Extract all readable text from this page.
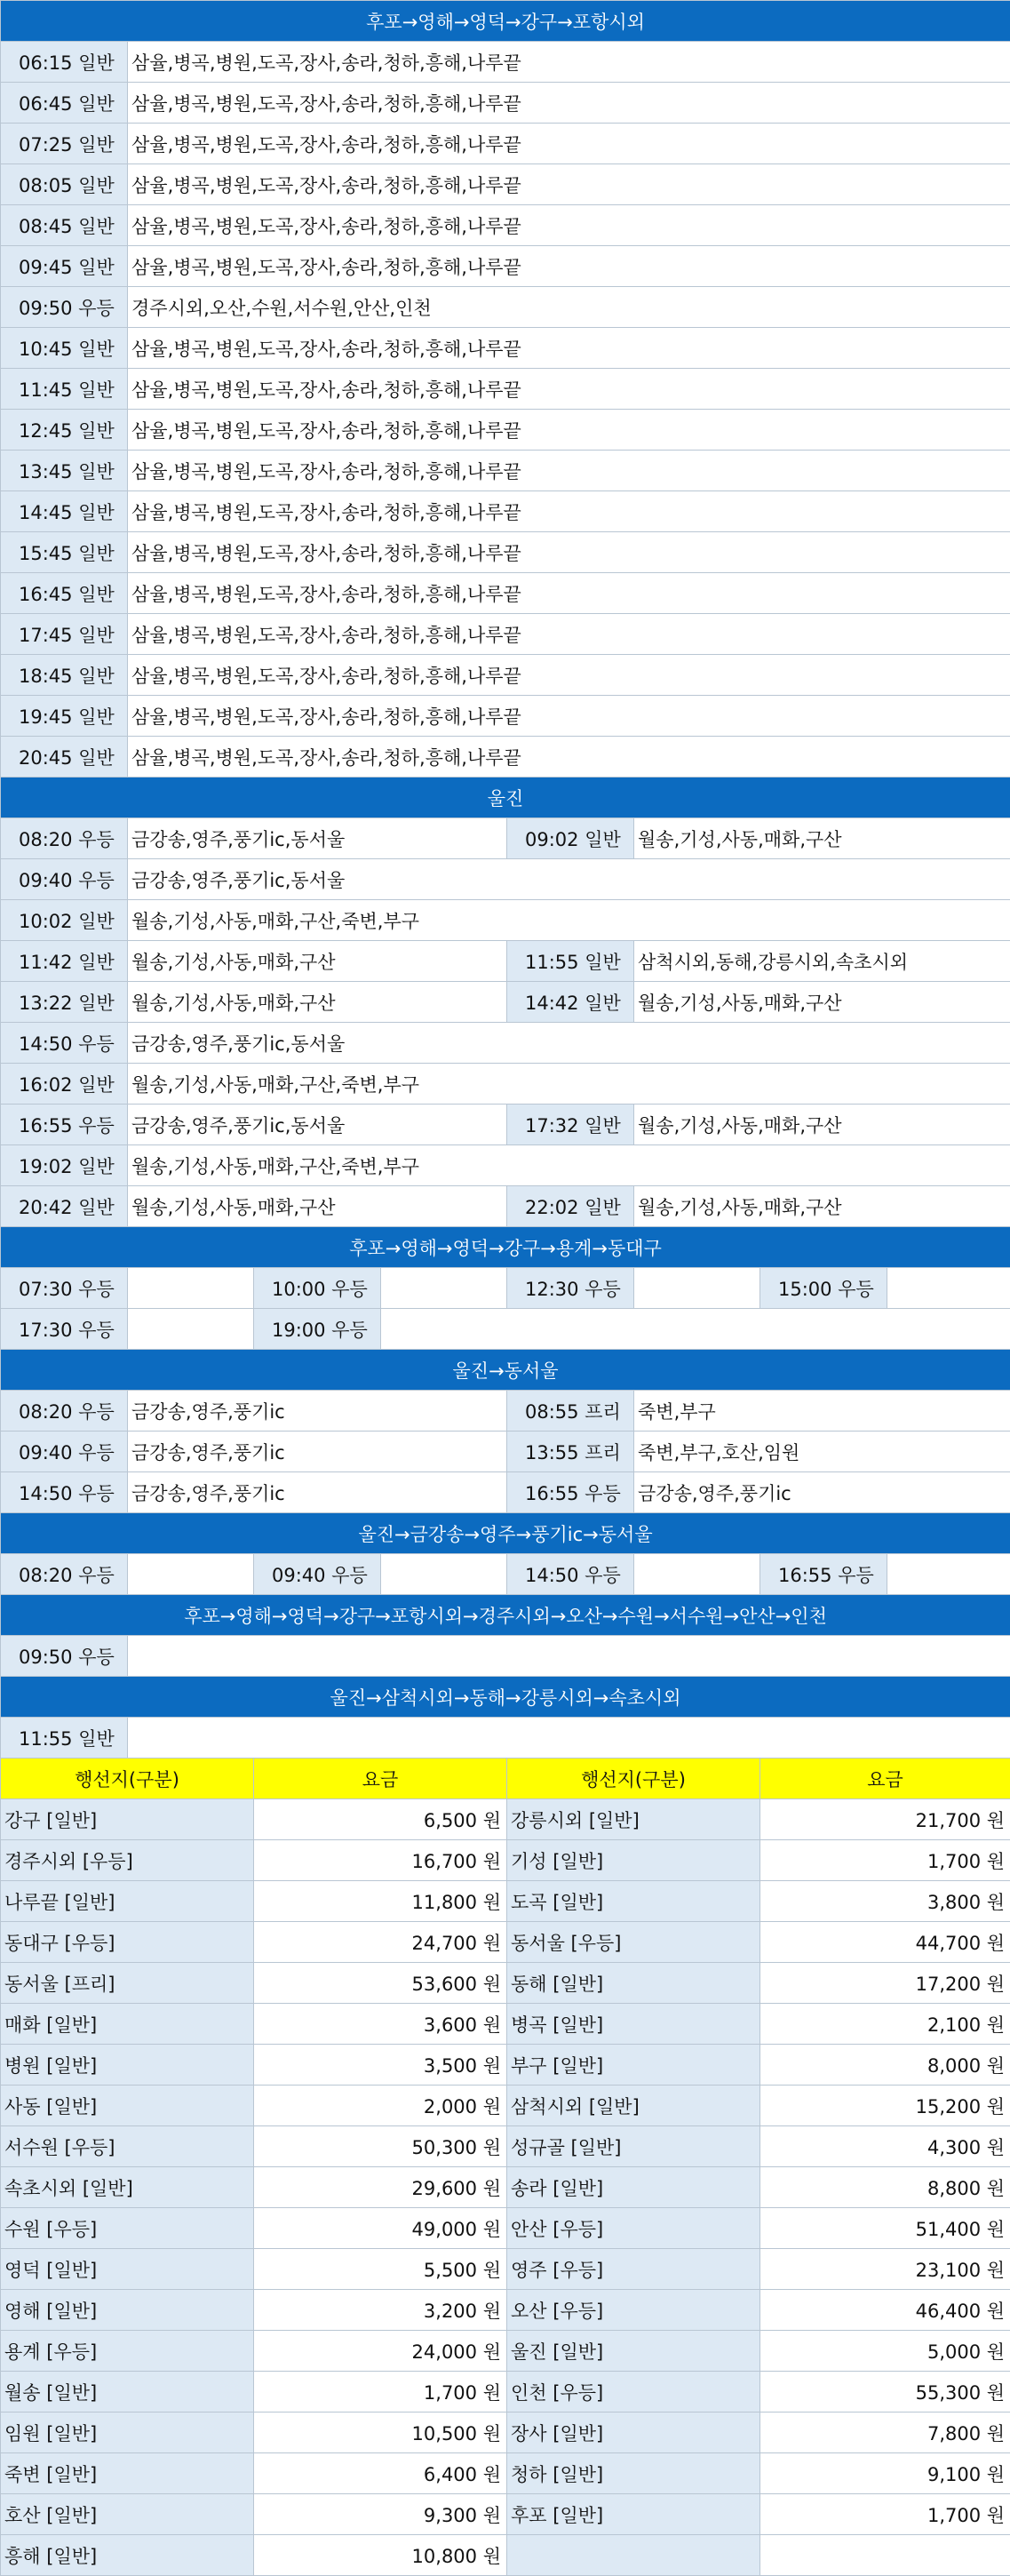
후포→영해→영덕→강구→포항시외							
06:15 일반	삼율,병곡,병원,도곡,장사,송라,청하,흥해,나루끝						
06:45 일반	삼율,병곡,병원,도곡,장사,송라,청하,흥해,나루끝						
07:25 일반	삼율,병곡,병원,도곡,장사,송라,청하,흥해,나루끝						
08:05 일반	삼율,병곡,병원,도곡,장사,송라,청하,흥해,나루끝						
08:45 일반	삼율,병곡,병원,도곡,장사,송라,청하,흥해,나루끝						
09:45 일반	삼율,병곡,병원,도곡,장사,송라,청하,흥해,나루끝						
09:50 우등	경주시외,오산,수원,서수원,안산,인천						
10:45 일반	삼율,병곡,병원,도곡,장사,송라,청하,흥해,나루끝						
11:45 일반	삼율,병곡,병원,도곡,장사,송라,청하,흥해,나루끝						
12:45 일반	삼율,병곡,병원,도곡,장사,송라,청하,흥해,나루끝						
13:45 일반	삼율,병곡,병원,도곡,장사,송라,청하,흥해,나루끝						
14:45 일반	삼율,병곡,병원,도곡,장사,송라,청하,흥해,나루끝						
15:45 일반	삼율,병곡,병원,도곡,장사,송라,청하,흥해,나루끝						
16:45 일반	삼율,병곡,병원,도곡,장사,송라,청하,흥해,나루끝						
17:45 일반	삼율,병곡,병원,도곡,장사,송라,청하,흥해,나루끝						
18:45 일반	삼율,병곡,병원,도곡,장사,송라,청하,흥해,나루끝						
19:45 일반	삼율,병곡,병원,도곡,장사,송라,청하,흥해,나루끝						
20:45 일반	삼율,병곡,병원,도곡,장사,송라,청하,흥해,나루끝						
울진							
08:20 우등	금강송,영주,풍기ic,동서울			09:02 일반	월송,기성,사동,매화,구산		
09:40 우등	금강송,영주,풍기ic,동서울						
10:02 일반	월송,기성,사동,매화,구산,죽변,부구						
11:42 일반	월송,기성,사동,매화,구산			11:55 일반	삼척시외,동해,강릉시외,속초시외		
13:22 일반	월송,기성,사동,매화,구산			14:42 일반	월송,기성,사동,매화,구산		
14:50 우등	금강송,영주,풍기ic,동서울						
16:02 일반	월송,기성,사동,매화,구산,죽변,부구						
16:55 우등	금강송,영주,풍기ic,동서울			17:32 일반	월송,기성,사동,매화,구산		
19:02 일반	월송,기성,사동,매화,구산,죽변,부구						
20:42 일반	월송,기성,사동,매화,구산			22:02 일반	월송,기성,사동,매화,구산		
후포→영해→영덕→강구→용계→동대구							
07:30 우등		10:00 우등		12:30 우등		15:00 우등	
17:30 우등		19:00 우등					
울진→동서울							
08:20 우등	금강송,영주,풍기ic			08:55 프리	죽변,부구		
09:40 우등	금강송,영주,풍기ic			13:55 프리	죽변,부구,호산,임원		
14:50 우등	금강송,영주,풍기ic			16:55 우등	금강송,영주,풍기ic		
울진→금강송→영주→풍기ic→동서울							
08:20 우등		09:40 우등		14:50 우등		16:55 우등	
후포→영해→영덕→강구→포항시외→경주시외→오산→수원→서수원→안산→인천							
09:50 우등							
울진→삼척시외→동해→강릉시외→속초시외							
11:55 일반							
행선지(구분)		요금		행선지(구분)		요금	
강구 [일반]		6,500 원		강릉시외 [일반]		21,700 원	
경주시외 [우등]		16,700 원		기성 [일반]		1,700 원	
나루끝 [일반]		11,800 원		도곡 [일반]		3,800 원	
동대구 [우등]		24,700 원		동서울 [우등]		44,700 원	
동서울 [프리]		53,600 원		동해 [일반]		17,200 원	
매화 [일반]		3,600 원		병곡 [일반]		2,100 원	
병원 [일반]		3,500 원		부구 [일반]		8,000 원	
사동 [일반]		2,000 원		삼척시외 [일반]		15,200 원	
서수원 [우등]		50,300 원		성규골 [일반]		4,300 원	
속초시외 [일반]		29,600 원		송라 [일반]		8,800 원	
수원 [우등]		49,000 원		안산 [우등]		51,400 원	
영덕 [일반]		5,500 원		영주 [우등]		23,100 원	
영해 [일반]		3,200 원		오산 [우등]		46,400 원	
용계 [우등]		24,000 원		울진 [일반]		5,000 원	
월송 [일반]		1,700 원		인천 [우등]		55,300 원	
임원 [일반]		10,500 원		장사 [일반]		7,800 원	
죽변 [일반]		6,400 원		청하 [일반]		9,100 원	
호산 [일반]		9,300 원		후포 [일반]		1,700 원	
흥해 [일반]		10,800 원					
